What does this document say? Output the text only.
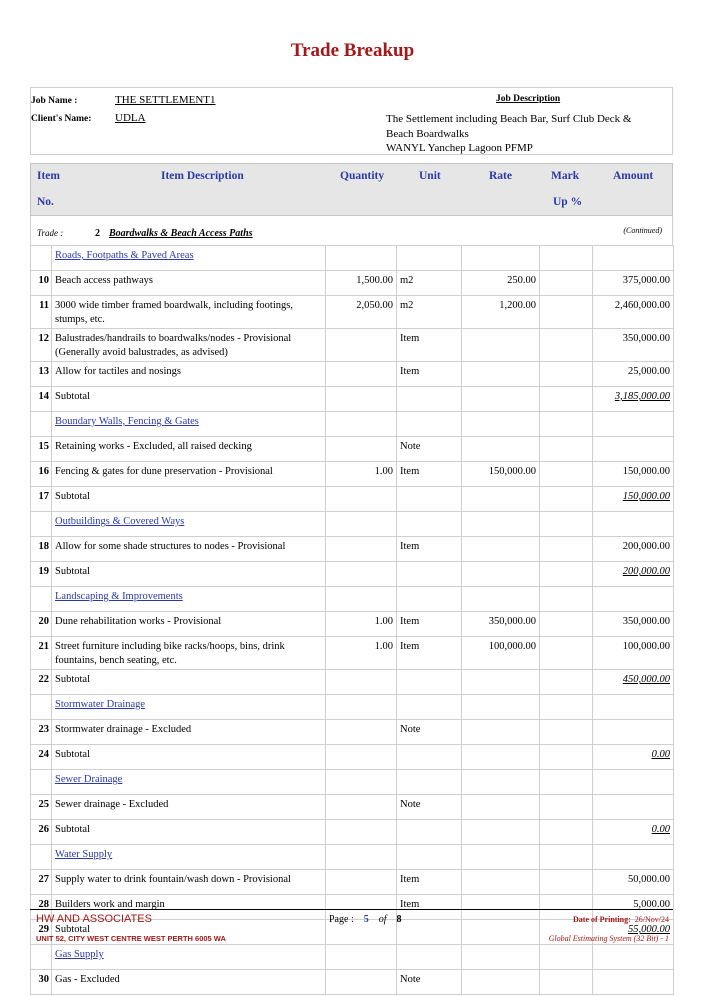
Trade Breakup
Job Name :	THE SETTLEMENT1
Client's Name: UDLA
Job Description
The Settlement including Beach Bar, Surf Club Deck &
Beach Boardwalks
WANYL Yanchep Lagoon PFMP
Item
No.
Item Description	Quantity	Unit	Rate	Mark
Up %
Amount
Trade :	2 Boardwalks & Beach Access Paths	(Continued)
	Roads, Footpaths & Paved Areas					
10	Beach access pathways	1,500.00	m2	250.00		375,000.00
11	3000 wide timber framed boardwalk, including footings, stumps, etc.	2,050.00	m2	1,200.00		2,460,000.00
12	Balustrades/handrails to boardwalks/nodes - Provisional (Generally avoid balustrades, as advised)		Item			350,000.00
13	Allow for tactiles and nosings		Item			25,000.00
14	Subtotal					3,185,000.00
	Boundary Walls, Fencing & Gates					
15	Retaining works - Excluded, all raised decking		Note			
16	Fencing & gates for dune preservation - Provisional	1.00	Item	150,000.00		150,000.00
17	Subtotal					150,000.00
	Outbuildings & Covered Ways					
18	Allow for some shade structures to nodes - Provisional		Item			200,000.00
19	Subtotal					200,000.00
	Landscaping & Improvements					
20	Dune rehabilitation works - Provisional	1.00	Item	350,000.00		350,000.00
21	Street furniture including bike racks/hoops, bins, drink fountains, bench seating, etc.	1.00	Item	100,000.00		100,000.00
22	Subtotal					450,000.00
	Stormwater Drainage					
23	Stormwater drainage - Excluded		Note			
24	Subtotal					0.00
	Sewer Drainage					
25	Sewer drainage - Excluded		Note			
26	Subtotal					0.00
	Water Supply					
27	Supply water to drink fountain/wash down - Provisional		Item			50,000.00
28	Builders work and margin		Item			5,000.00
29	Subtotal					55,000.00
	Gas Supply					
30	Gas - Excluded		Note			
HW AND ASSOCIATES
UNIT 52, CITY WEST CENTRE WEST PERTH 6005 WA
Page : 5 of 8	Date of Printing: 26/Nov/24
Global Estimating System (32 Bit) - 1
